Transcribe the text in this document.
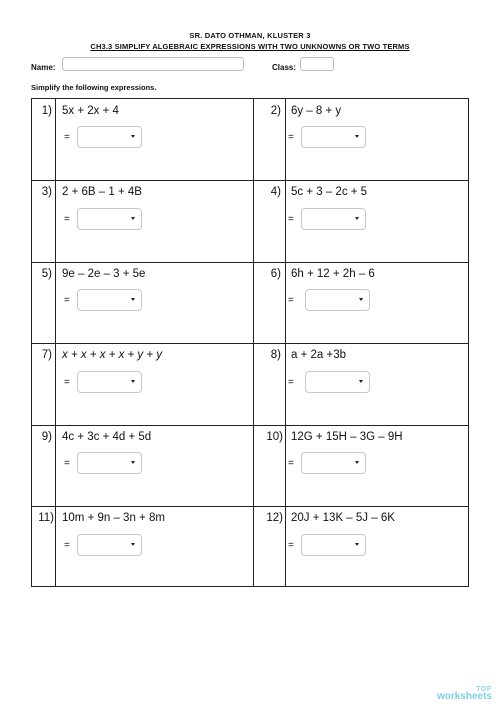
SR. DATO OTHMAN, KLUSTER 3
CH3.3 SIMPLIFY ALGEBRAIC EXPRESSIONS WITH TWO UNKNOWNS OR TWO TERMS
Name:	Class:
Simplify the following expressions.
1) 5x + 2x + 4
=
2) 6y – 8 + y
=
3) 2 + 6B – 1 + 4B
=
4) 5c + 3 – 2c + 5
=
5) 9e – 2e – 3 + 5e
=
6) 6h + 12 + 2h – 6
=
7) x + x + x + x + y + y
=
8) a + 2a +3b
=
9) 4c + 3c + 4d + 5d
=
10) 12G + 15H – 3G – 9H
=
11) 10m + 9n – 3n + 8m
=
12) 20J + 13K – 5J – 6K
=
TOP
worksheets
